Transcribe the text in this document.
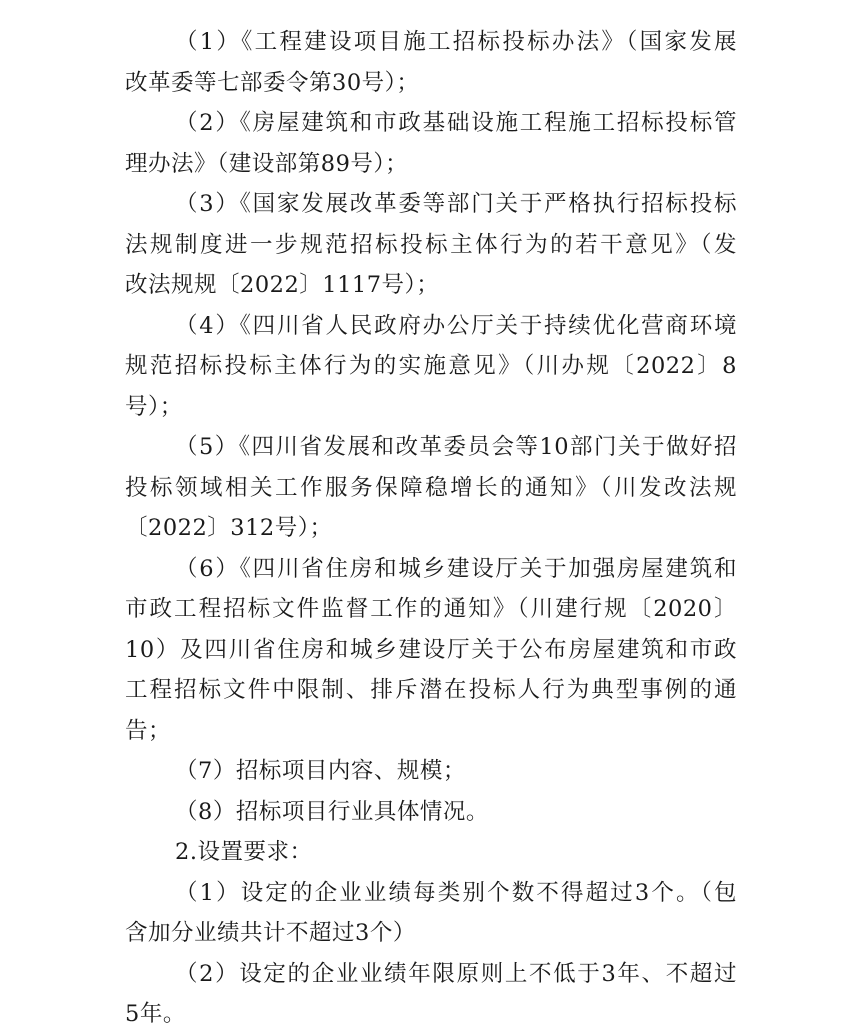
（1）《工程建设项目施工招标投标办法》（国家发展
改革委等七部委令第30号）；
（2）《房屋建筑和市政基础设施工程施工招标投标管
理办法》（建设部第89号）；
（3）《国家发展改革委等部门关于严格执行招标投标
法规制度进一步规范招标投标主体行为的若干意见》（发
改法规规〔2022〕1117号）；
（4）《四川省人民政府办公厅关于持续优化营商环境
规范招标投标主体行为的实施意见》（川办规〔2022〕8
号）；
（5）《四川省发展和改革委员会等10部门关于做好招
投标领域相关工作服务保障稳增长的通知》（川发改法规
〔2022〕312号）；
（6）《四川省住房和城乡建设厅关于加强房屋建筑和
市政工程招标文件监督工作的通知》（川建行规〔2020〕
10）及四川省住房和城乡建设厅关于公布房屋建筑和市政
工程招标文件中限制、排斥潜在投标人行为典型事例的通
告；
（7）招标项目内容、规模；
（8）招标项目行业具体情况。
2.设置要求：
（1）设定的企业业绩每类别个数不得超过3个。（包
含加分业绩共计不超过3个）
（2）设定的企业业绩年限原则上不低于3年、不超过
5年。
